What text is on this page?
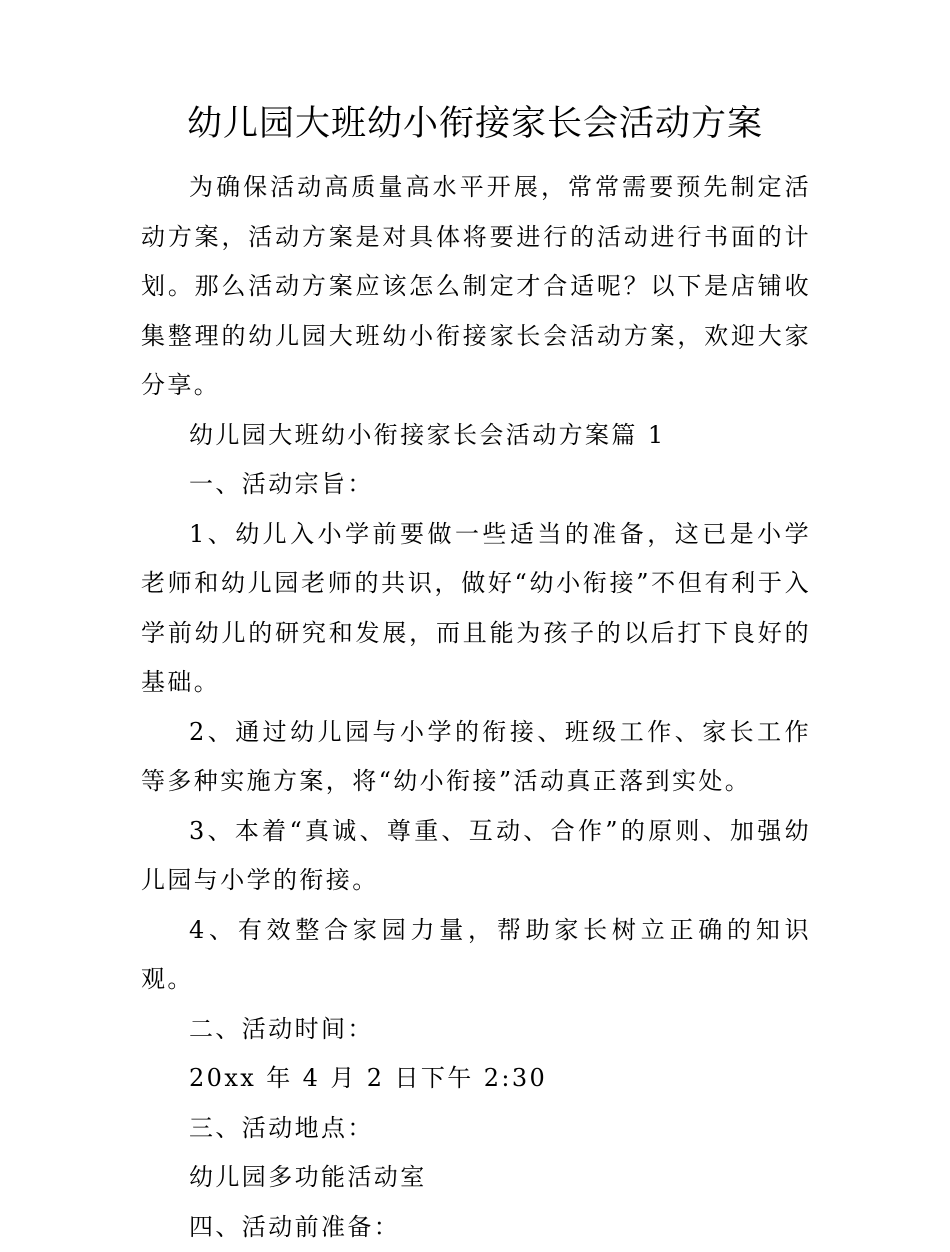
幼儿园大班幼小衔接家长会活动方案

为确保活动高质量高水平开展，常常需要预先制定活动方案，活动方案是对具体将要进行的活动进行书面的计划。那么活动方案应该怎么制定才合适呢？以下是店铺收集整理的幼儿园大班幼小衔接家长会活动方案，欢迎大家分享。

幼儿园大班幼小衔接家长会活动方案篇 1

一、活动宗旨：

1、幼儿入小学前要做一些适当的准备，这已是小学老师和幼儿园老师的共识，做好“幼小衔接”不但有利于入学前幼儿的研究和发展，而且能为孩子的以后打下良好的基础。

2、通过幼儿园与小学的衔接、班级工作、家长工作等多种实施方案，将“幼小衔接”活动真正落到实处。

3、本着“真诚、尊重、互动、合作”的原则、加强幼儿园与小学的衔接。

4、有效整合家园力量，帮助家长树立正确的知识观。

二、活动时间：

20xx 年 4 月 2 日下午 2:30

三、活动地点：

幼儿园多功能活动室

四、活动前准备：
